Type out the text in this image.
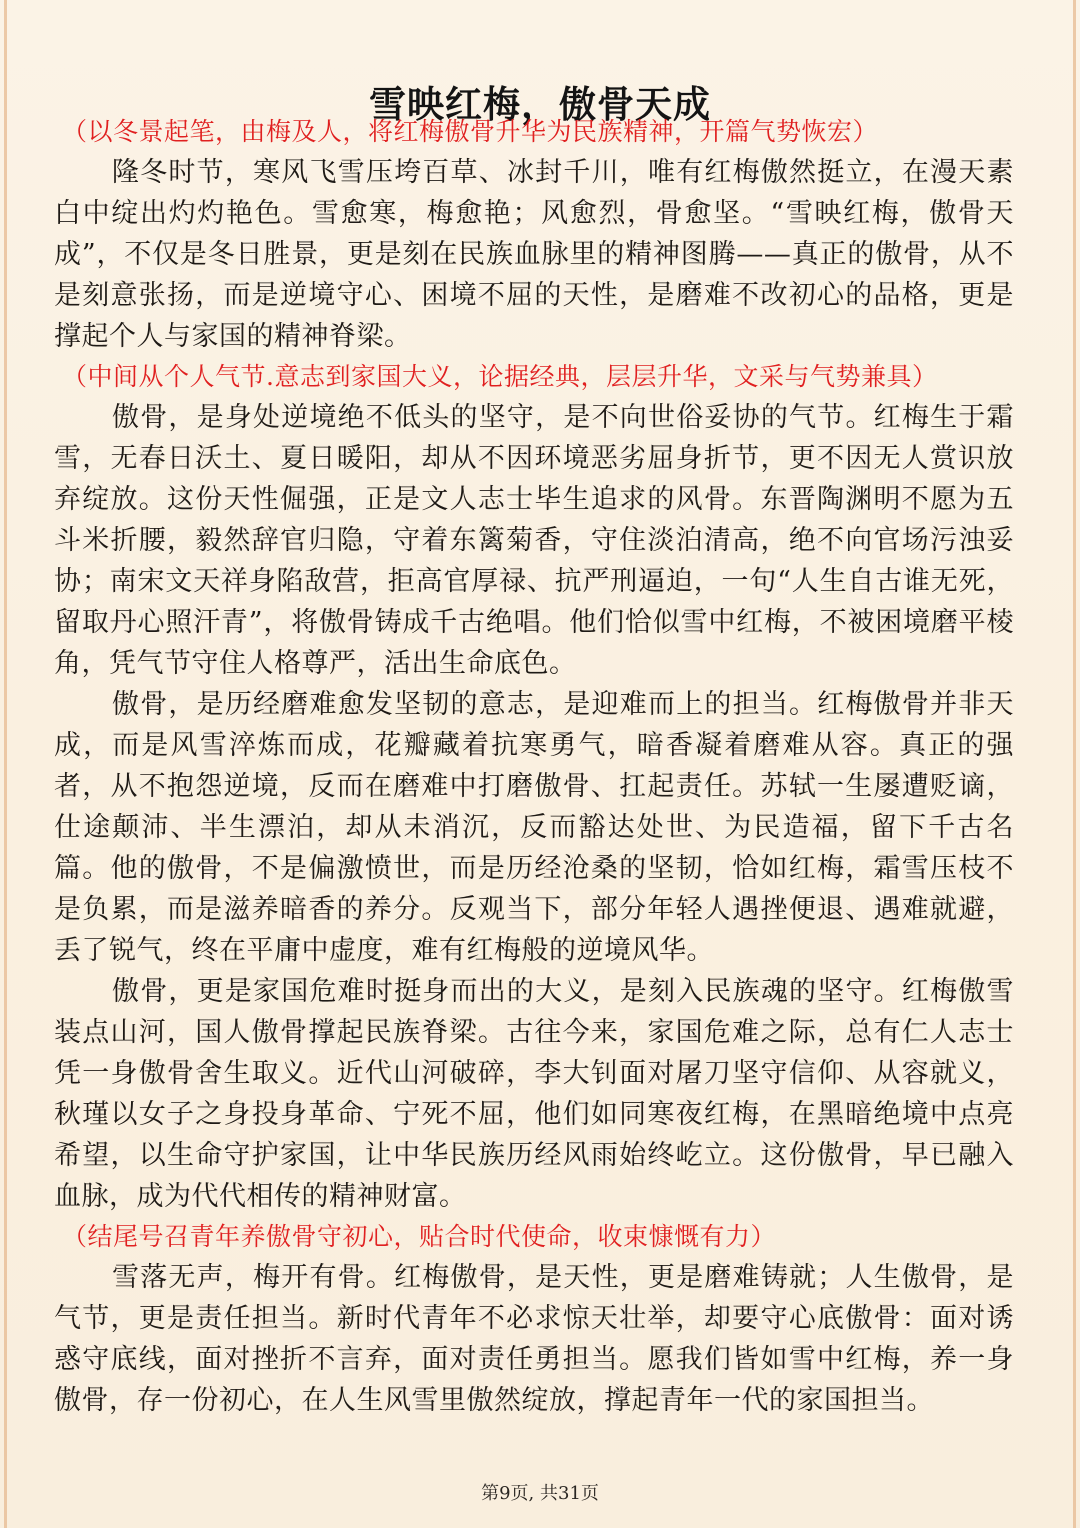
雪映红梅，傲骨天成

（以冬景起笔，由梅及人，将红梅傲骨升华为民族精神，开篇气势恢宏）

隆冬时节，寒风飞雪压垮百草、冰封千川，唯有红梅傲然挺立，在漫天素白中绽出灼灼艳色。雪愈寒，梅愈艳；风愈烈，骨愈坚。“雪映红梅，傲骨天成”，不仅是冬日胜景，更是刻在民族血脉里的精神图腾——真正的傲骨，从不是刻意张扬，而是逆境守心、困境不屈的天性，是磨难不改初心的品格，更是撑起个人与家国的精神脊梁。

（中间从个人气节.意志到家国大义，论据经典，层层升华，文采与气势兼具）

傲骨，是身处逆境绝不低头的坚守，是不向世俗妥协的气节。红梅生于霜雪，无春日沃土、夏日暖阳，却从不因环境恶劣屈身折节，更不因无人赏识放弃绽放。这份天性倔强，正是文人志士毕生追求的风骨。东晋陶渊明不愿为五斗米折腰，毅然辞官归隐，守着东篱菊香，守住淡泊清高，绝不向官场污浊妥协；南宋文天祥身陷敌营，拒高官厚禄、抗严刑逼迫，一句“人生自古谁无死，留取丹心照汗青”，将傲骨铸成千古绝唱。他们恰似雪中红梅，不被困境磨平棱角，凭气节守住人格尊严，活出生命底色。

傲骨，是历经磨难愈发坚韧的意志，是迎难而上的担当。红梅傲骨并非天成，而是风雪淬炼而成，花瓣藏着抗寒勇气，暗香凝着磨难从容。真正的强者，从不抱怨逆境，反而在磨难中打磨傲骨、扛起责任。苏轼一生屡遭贬谪，仕途颠沛、半生漂泊，却从未消沉，反而豁达处世、为民造福，留下千古名篇。他的傲骨，不是偏激愤世，而是历经沧桑的坚韧，恰如红梅，霜雪压枝不是负累，而是滋养暗香的养分。反观当下，部分年轻人遇挫便退、遇难就避，丢了锐气，终在平庸中虚度，难有红梅般的逆境风华。

傲骨，更是家国危难时挺身而出的大义，是刻入民族魂的坚守。红梅傲雪装点山河，国人傲骨撑起民族脊梁。古往今来，家国危难之际，总有仁人志士凭一身傲骨舍生取义。近代山河破碎，李大钊面对屠刀坚守信仰、从容就义，秋瑾以女子之身投身革命、宁死不屈，他们如同寒夜红梅，在黑暗绝境中点亮希望，以生命守护家国，让中华民族历经风雨始终屹立。这份傲骨，早已融入血脉，成为代代相传的精神财富。

（结尾号召青年养傲骨守初心，贴合时代使命，收束慷慨有力）

雪落无声，梅开有骨。红梅傲骨，是天性，更是磨难铸就；人生傲骨，是气节，更是责任担当。新时代青年不必求惊天壮举，却要守心底傲骨：面对诱惑守底线，面对挫折不言弃，面对责任勇担当。愿我们皆如雪中红梅，养一身傲骨，存一份初心，在人生风雪里傲然绽放，撑起青年一代的家国担当。

第9页, 共31页
